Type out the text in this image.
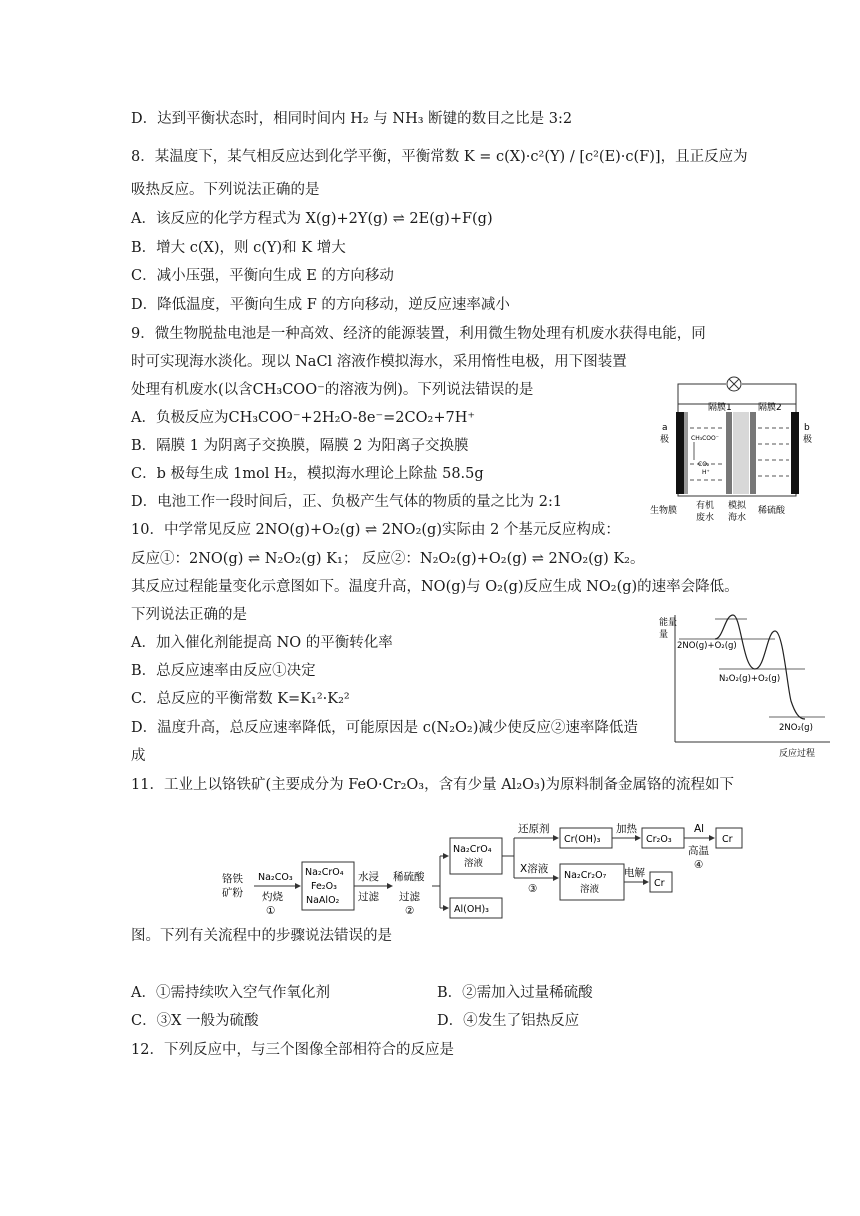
D．达到平衡状态时，相同时间内 H₂ 与 NH₃ 断键的数目之比是 3:2
8．某温度下，某气相反应达到化学平衡，平衡常数 K = c(X)·c²(Y) / [c²(E)·c(F)]，且正反应为
吸热反应。下列说法正确的是
A．该反应的化学方程式为 X(g)+2Y(g) ⇌ 2E(g)+F(g)
B．增大 c(X)，则 c(Y)和 K 增大
C．减小压强，平衡向生成 E 的方向移动
D．降低温度，平衡向生成 F 的方向移动，逆反应速率减小
9．微生物脱盐电池是一种高效、经济的能源装置，利用微生物处理有机废水获得电能，同
时可实现海水淡化。现以 NaCl 溶液作模拟海水，采用惰性电极，用下图装置
处理有机废水(以含CH₃COO⁻的溶液为例)。下列说法错误的是
A．负极反应为CH₃COO⁻+2H₂O-8e⁻=2CO₂+7H⁺
B．隔膜 1 为阴离子交换膜，隔膜 2 为阳离子交换膜
C．b 极每生成 1mol H₂，模拟海水理论上除盐 58.5g
D．电池工作一段时间后，正、负极产生气体的物质的量之比为 2:1
10．中学常见反应 2NO(g)+O₂(g) ⇌ 2NO₂(g)实际由 2 个基元反应构成：
反应①：2NO(g) ⇌ N₂O₂(g) K₁； 反应②：N₂O₂(g)+O₂(g) ⇌ 2NO₂(g) K₂。
其反应过程能量变化示意图如下。温度升高，NO(g)与 O₂(g)反应生成 NO₂(g)的速率会降低。
下列说法正确的是
A．加入催化剂能提高 NO 的平衡转化率
B．总反应速率由反应①决定
C．总反应的平衡常数 K=K₁²·K₂²
D．温度升高，总反应速率降低，可能原因是 c(N₂O₂)减少使反应②速率降低造
成
11．工业上以铬铁矿(主要成分为 FeO·Cr₂O₃，含有少量 Al₂O₃)为原料制备金属铬的流程如下
图。下列有关流程中的步骤说法错误的是
A．①需持续吹入空气作氧化剂	B．②需加入过量稀硫酸
C．③X 一般为硫酸	D．④发生了铝热反应
12．下列反应中，与三个图像全部相符合的反应是
隔膜1	隔膜2
a
极
b
极
CH₃COO⁻
CO₂
H⁺
生物膜 有机
废水
模拟
海水
稀硫酸
能量
量
反应过程
2NO(g)+O₂(g)
N₂O₂(g)+O₂(g)
2NO₂(g)
铬铁
矿粉
Na₂CO₃
灼烧
①
Na₂CrO₄
Fe₂O₃
NaAlO₂
水浸
过滤
稀硫酸
过滤
②
Na₂CrO₄
溶液
Al(OH)₃
还原剂
X溶液
③
Cr(OH)₃
加热
Cr₂O₃
Al
高温
④
Cr
Na₂Cr₂O₇
溶液
电解
Cr
